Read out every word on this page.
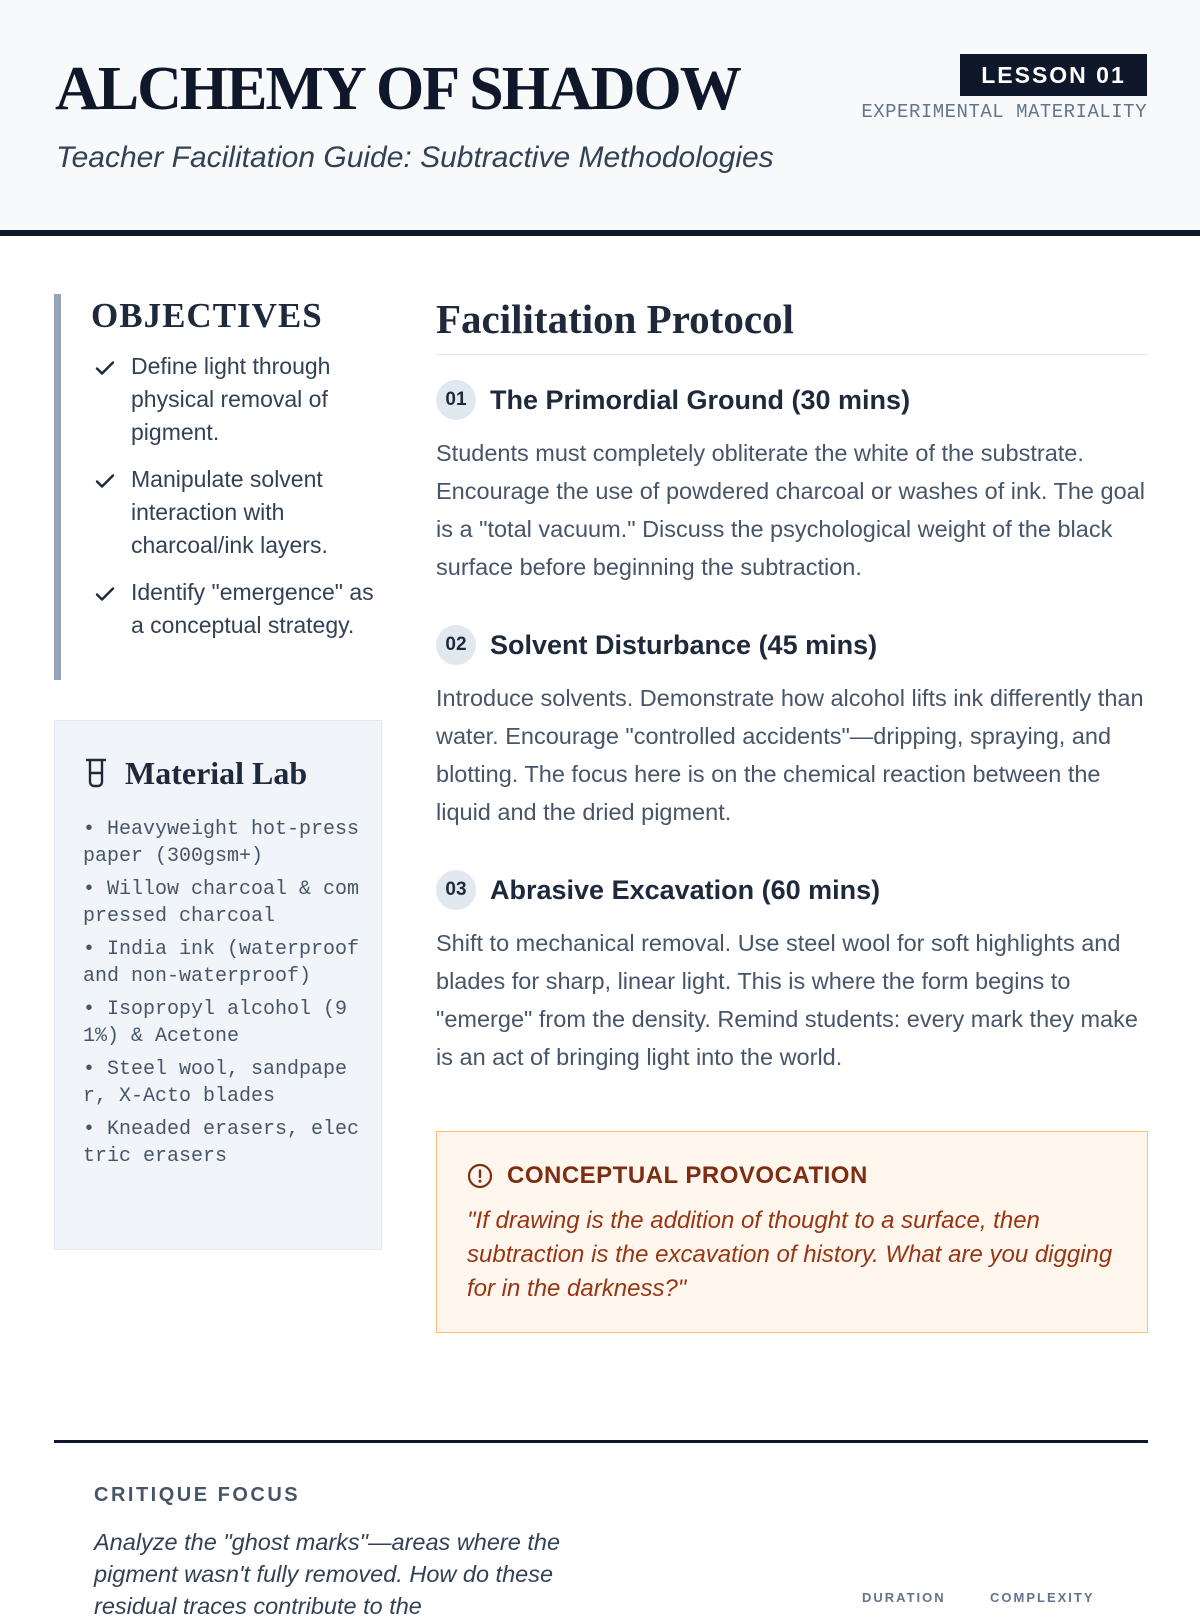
ALCHEMY OF SHADOW

Teacher Facilitation Guide: Subtractive Methodologies

LESSON 01
EXPERIMENTAL MATERIALITY
OBJECTIVES
Define light through physical removal of pigment.
Manipulate solvent interaction with charcoal/ink layers.
Identify "emergence" as a conceptual strategy.
Material Lab
• Heavyweight hot-press paper (300gsm+)
• Willow charcoal & compressed charcoal
• India ink (waterproof and non-waterproof)
• Isopropyl alcohol (91%) & Acetone
• Steel wool, sandpaper, X-Acto blades
• Kneaded erasers, electric erasers
Facilitation Protocol
01 The Primordial Ground (30 mins)

Students must completely obliterate the white of the substrate. Encourage the use of powdered charcoal or washes of ink. The goal is a "total vacuum." Discuss the psychological weight of the black surface before beginning the subtraction.

02 Solvent Disturbance (45 mins)

Introduce solvents. Demonstrate how alcohol lifts ink differently than water. Encourage "controlled accidents"—dripping, spraying, and blotting. The focus here is on the chemical reaction between the liquid and the dried pigment.

03 Abrasive Excavation (60 mins)

Shift to mechanical removal. Use steel wool for soft highlights and blades for sharp, linear light. This is where the form begins to "emerge" from the density. Remind students: every mark they make is an act of bringing light into the world.

CONCEPTUAL PROVOCATION

"If drawing is the addition of thought to a surface, then subtraction is the excavation of history. What are you digging for in the darkness?"

CRITIQUE FOCUS

Analyze the "ghost marks"—areas where the pigment wasn't fully removed. How do these residual traces contribute to the	DURATION	COMPLEXITY
